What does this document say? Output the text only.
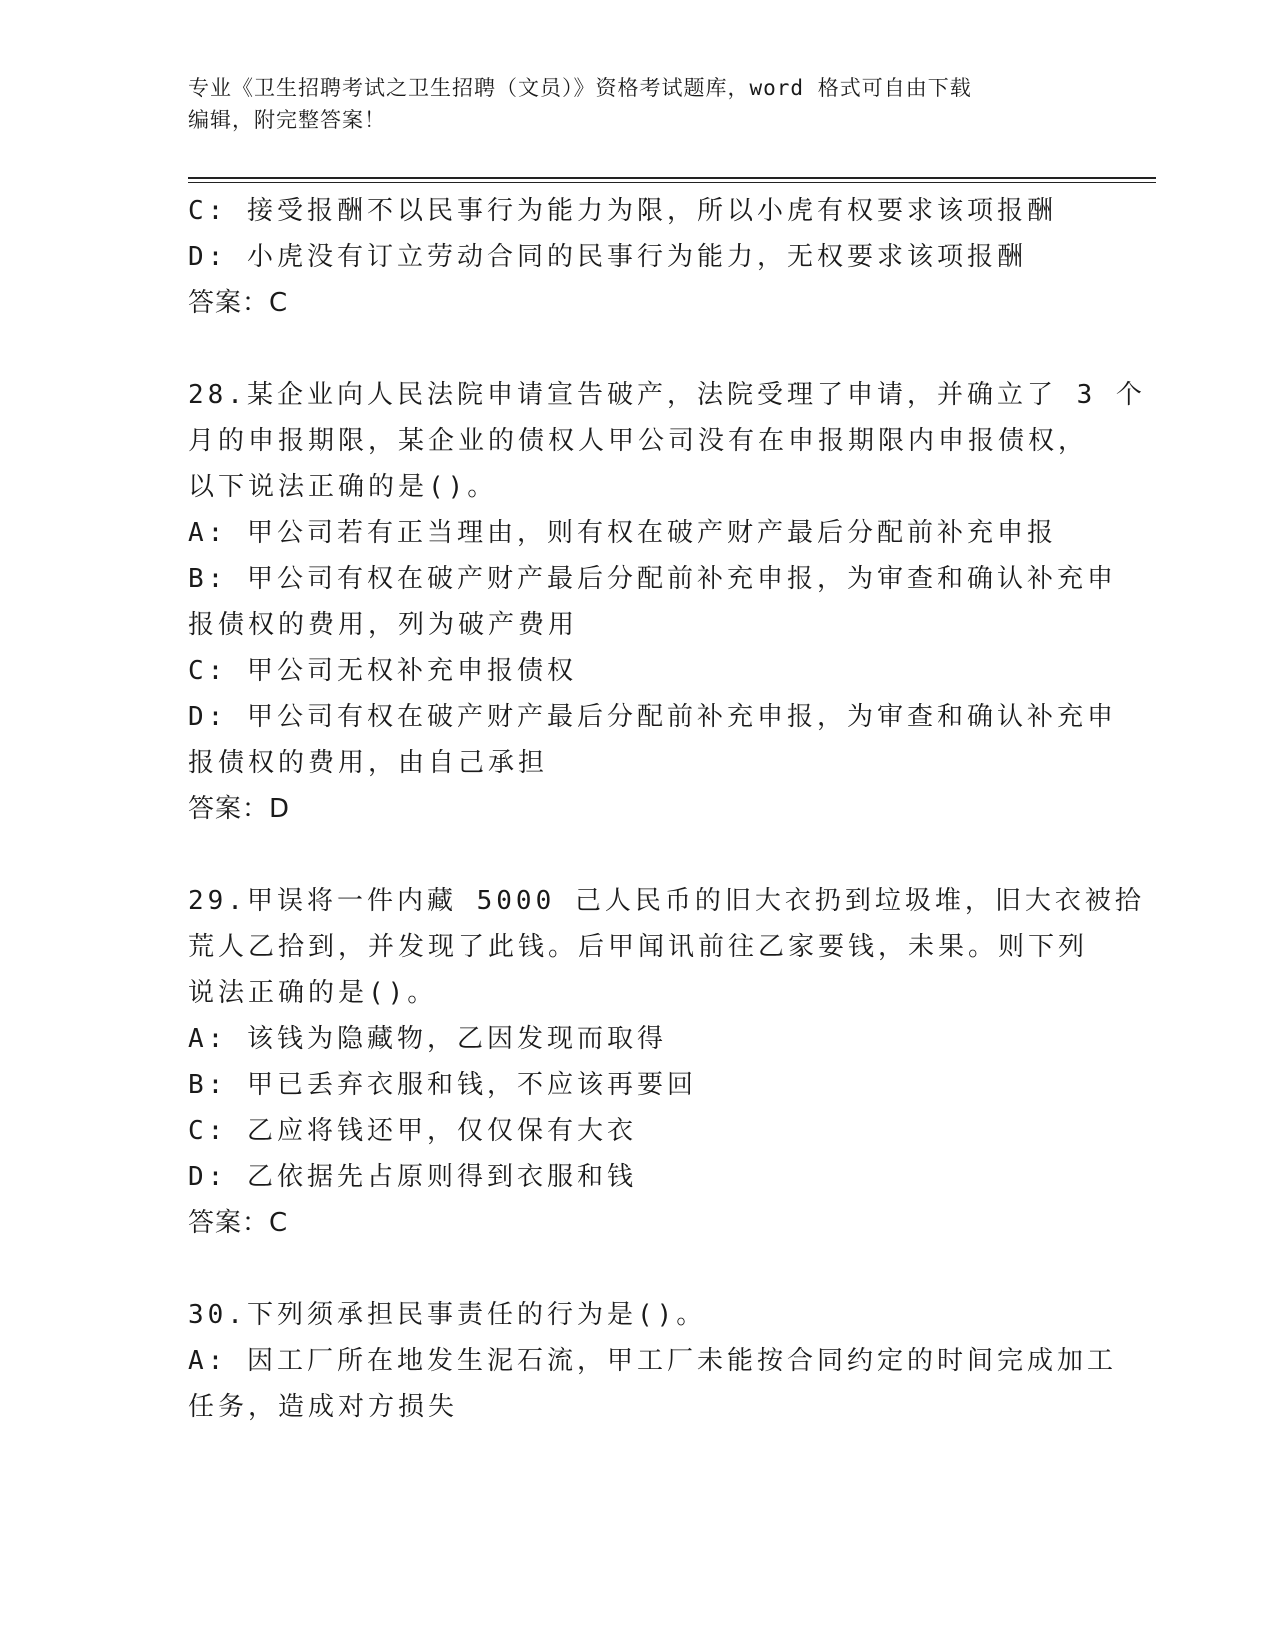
专业《卫生招聘考试之卫生招聘（文员）》资格考试题库，word 格式可自由下载
编辑，附完整答案！
C: 接受报酬不以民事行为能力为限，所以小虎有权要求该项报酬
D: 小虎没有订立劳动合同的民事行为能力，无权要求该项报酬
答案：C
28.某企业向人民法院申请宣告破产，法院受理了申请，并确立了 3 个
月的申报期限，某企业的债权人甲公司没有在申报期限内申报债权，
以下说法正确的是()。
A: 甲公司若有正当理由，则有权在破产财产最后分配前补充申报
B: 甲公司有权在破产财产最后分配前补充申报，为审查和确认补充申
报债权的费用，列为破产费用
C: 甲公司无权补充申报债权
D: 甲公司有权在破产财产最后分配前补充申报，为审查和确认补充申
报债权的费用，由自己承担
答案：D
29.甲误将一件内藏 5000 己人民币的旧大衣扔到垃圾堆，旧大衣被拾
荒人乙拾到，并发现了此钱。后甲闻讯前往乙家要钱，未果。则下列
说法正确的是()。
A: 该钱为隐藏物，乙因发现而取得
B: 甲已丢弃衣服和钱，不应该再要回
C: 乙应将钱还甲，仅仅保有大衣
D: 乙依据先占原则得到衣服和钱
答案：C
30.下列须承担民事责任的行为是()。
A: 因工厂所在地发生泥石流，甲工厂未能按合同约定的时间完成加工
任务，造成对方损失
